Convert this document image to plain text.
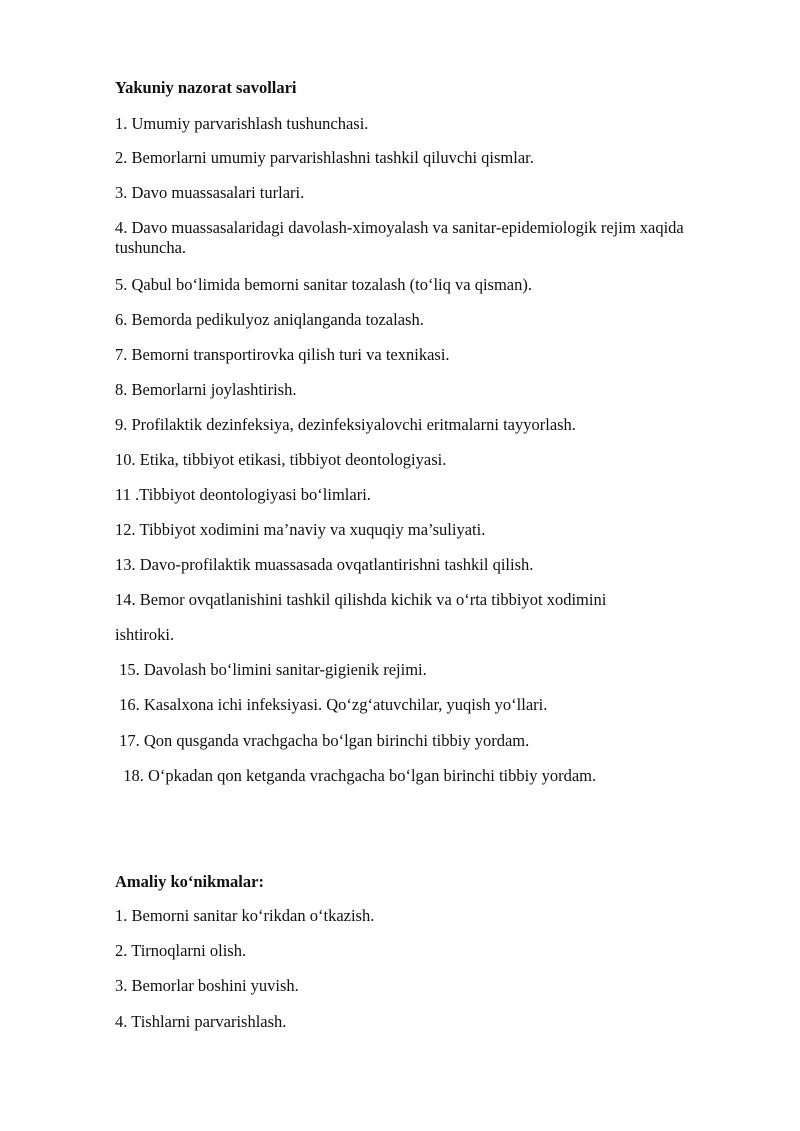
Yakuniy nazorat savollari
1. Umumiy parvarishlash tushunchasi.
2. Bemorlarni umumiy parvarishlashni tashkil qiluvchi qismlar.
3. Davo muassasalari turlari.
4. Davo muassasalaridagi davolash-ximoyalash va sanitar-epidemiologik rejim xaqida tushuncha.
5. Qabul bo‘limida bemorni sanitar tozalash (to‘liq va qisman).
6. Bemorda pedikulyoz aniqlanganda tozalash.
7. Bemorni transportirovka qilish turi va texnikasi.
8. Bemorlarni joylashtirish.
9. Profilaktik dezinfeksiya, dezinfeksiyalovchi eritmalarni tayyorlash.
10. Etika, tibbiyot etikasi, tibbiyot deontologiyasi.
11 .Tibbiyot deontologiyasi bo‘limlari.
12. Tibbiyot xodimini ma’naviy va xuquqiy ma’suliyati.
13. Davo-profilaktik muassasada ovqatlantirishni tashkil qilish.
14. Bemor ovqatlanishini tashkil qilishda kichik va o‘rta tibbiyot xodimini
ishtiroki.
15. Davolash bo‘limini sanitar-gigienik rejimi.
16. Kasalxona ichi infeksiyasi. Qo‘zg‘atuvchilar, yuqish yo‘llari.
17. Qon qusganda vrachgacha bo‘lgan birinchi tibbiy yordam.
18. O‘pkadan qon ketganda vrachgacha bo‘lgan birinchi tibbiy yordam.
Amaliy ko‘nikmalar:
1. Bemorni sanitar ko‘rikdan o‘tkazish.
2. Tirnoqlarni olish.
3. Bemorlar boshini yuvish.
4. Tishlarni parvarishlash.
